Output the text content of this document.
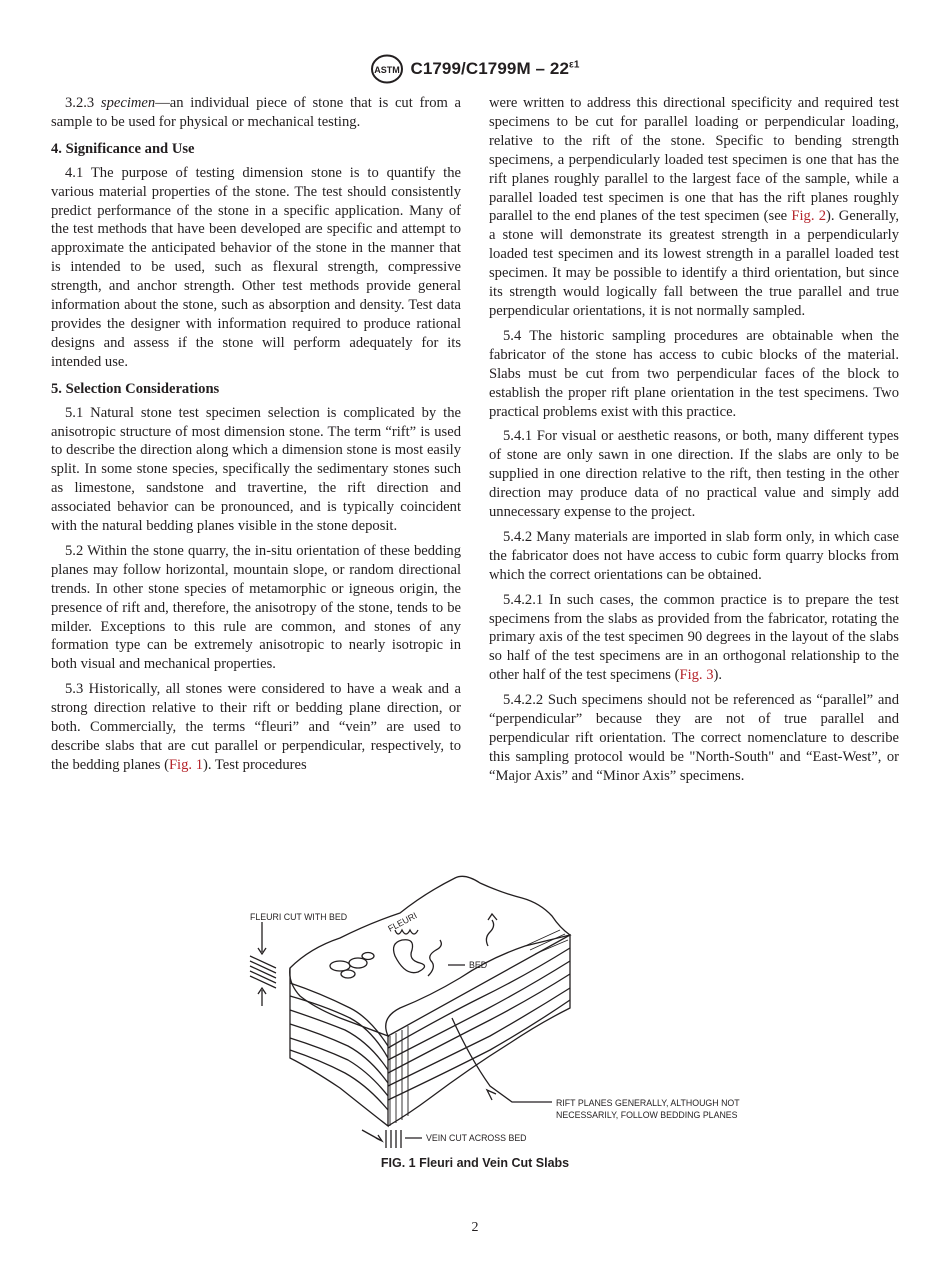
ASTM $C1799/C1799M - 22^{\varepsilon 1}$

3.2.3 specimen—an individual piece of stone that is cut from a sample to be used for physical or mechanical testing.

4. Significance and Use

4.1 The purpose of testing dimension stone is to quantify the various material properties of the stone. The test should consistently predict performance of the stone in a specific application. Many of the test methods that have been developed are specific and attempt to approximate the anticipated behavior of the stone in the manner that is intended to be used, such as flexural strength, compressive strength, and anchor strength. Other test methods provide general information about the stone, such as absorption and density. Test data provides the designer with information required to produce rational designs and assess if the stone will perform adequately for its intended use.

5. Selection Considerations

5.1 Natural stone test specimen selection is complicated by the anisotropic structure of most dimension stone. The term “rift” is used to describe the direction along which a dimension stone is most easily split. In some stone species, specifically the sedimentary stones such as limestone, sandstone and travertine, the rift direction and associated behavior can be pronounced, and is typically coincident with the natural bedding planes visible in the stone deposit.

5.2 Within the stone quarry, the in-situ orientation of these bedding planes may follow horizontal, mountain slope, or random directional trends. In other stone species of metamorphic or igneous origin, the presence of rift and, therefore, the anisotropy of the stone, tends to be milder. Exceptions to this rule are common, and stones of any formation type can be extremely anisotropic to nearly isotropic in both visual and mechanical properties.

5.3 Historically, all stones were considered to have a weak and a strong direction relative to their rift or bedding plane direction, or both. Commercially, the terms “fleuri” and “vein” are used to describe slabs that are cut parallel or perpendicular, respectively, to the bedding planes (Fig. 1). Test procedures

were written to address this directional specificity and required test specimens to be cut for parallel loading or perpendicular loading, relative to the rift of the stone. Specific to bending strength specimens, a perpendicularly loaded test specimen is one that has the rift planes roughly parallel to the largest face of the sample, while a parallel loaded test specimen is one that has the rift planes roughly parallel to the end planes of the test specimen (see Fig. 2). Generally, a stone will demonstrate its greatest strength in a perpendicularly loaded test specimen and its lowest strength in a parallel loaded test specimen. It may be possible to identify a third orientation, but since its strength would logically fall between the true parallel and true perpendicular orientations, it is not normally sampled.

5.4 The historic sampling procedures are obtainable when the fabricator of the stone has access to cubic blocks of the material. Slabs must be cut from two perpendicular faces of the block to establish the proper rift plane orientation in the test specimens. Two practical problems exist with this practice.

5.4.1 For visual or aesthetic reasons, or both, many different types of stone are only sawn in one direction. If the slabs are only to be supplied in one direction relative to the rift, then testing in the other direction may produce data of no practical value and simply add unnecessary expense to the project.

5.4.2 Many materials are imported in slab form only, in which case the fabricator does not have access to cubic form quarry blocks from which the correct orientations can be obtained.

5.4.2.1 In such cases, the common practice is to prepare the test specimens from the slabs as provided from the fabricator, rotating the primary axis of the test specimen 90 degrees in the layout of the slabs so half of the test specimens are in an orthogonal relationship to the other half of the test specimens (Fig. 3).

5.4.2.2 Such specimens should not be referenced as “parallel” and “perpendicular” because they are not of true parallel and perpendicular rift orientation. The correct nomenclature to describe this sampling protocol would be "North-South" and “East-West”, or “Major Axis” and “Minor Axis” specimens.

FLEURI CUT WITH BED	FLEURI
BED
RIFT PLANES GENERALLY, ALTHOUGH NOT
NECESSARILY, FOLLOW BEDDING PLANES
VEIN CUT ACROSS BED
FIG. 1 Fleuri and Vein Cut Slabs
2
